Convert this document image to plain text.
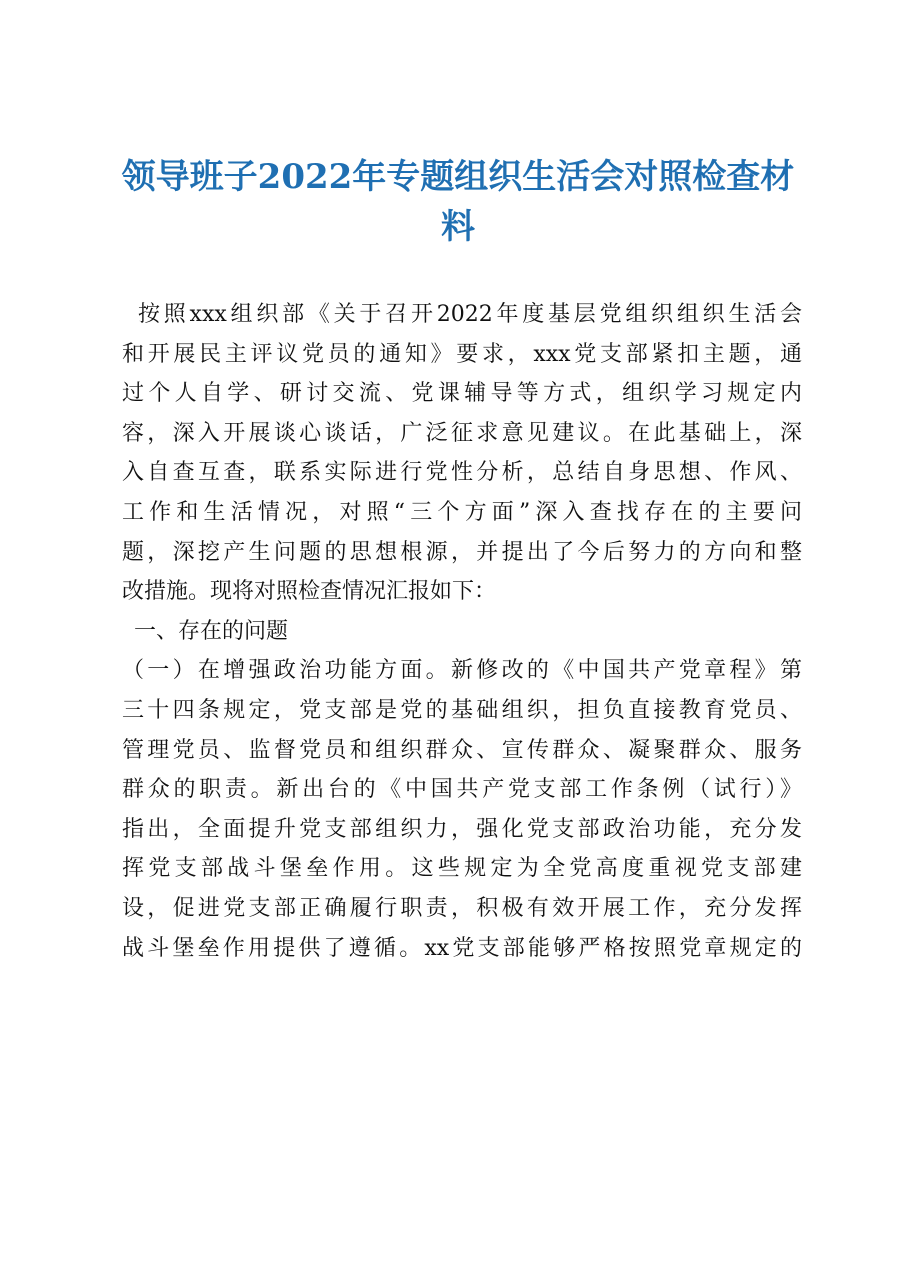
领导班子2022年专题组织生活会对照检查材
料
按照xxx组织部《关于召开2022年度基层党组织组织生活会
和开展民主评议党员的通知》要求，xxx党支部紧扣主题，通
过个人自学、研讨交流、党课辅导等方式，组织学习规定内
容，深入开展谈心谈话，广泛征求意见建议。在此基础上，深
入自查互查，联系实际进行党性分析，总结自身思想、作风、
工作和生活情况，对照“三个方面”深入查找存在的主要问
题，深挖产生问题的思想根源，并提出了今后努力的方向和整
改措施。现将对照检查情况汇报如下：
一、存在的问题
（一）在增强政治功能方面。新修改的《中国共产党章程》第
三十四条规定，党支部是党的基础组织，担负直接教育党员、
管理党员、监督党员和组织群众、宣传群众、凝聚群众、服务
群众的职责。新出台的《中国共产党支部工作条例（试行）》
指出，全面提升党支部组织力，强化党支部政治功能，充分发
挥党支部战斗堡垒作用。这些规定为全党高度重视党支部建
设，促进党支部正确履行职责，积极有效开展工作，充分发挥
战斗堡垒作用提供了遵循。xx党支部能够严格按照党章规定的
